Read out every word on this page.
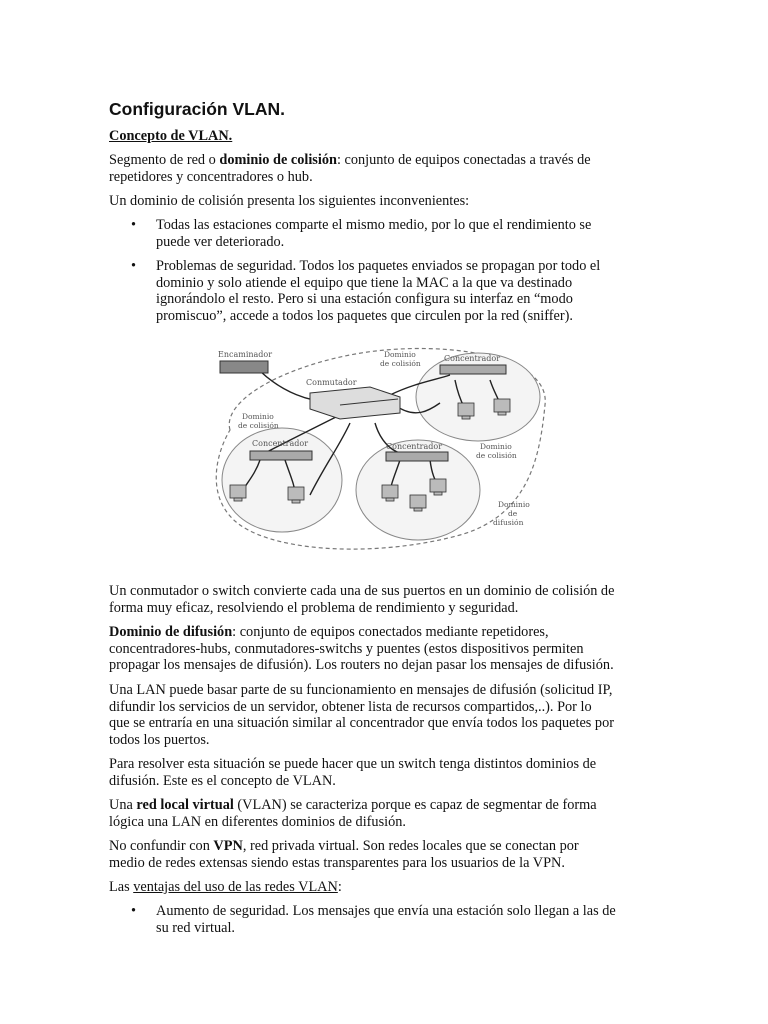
Configuración VLAN.
Concepto de VLAN.
Segmento de red o dominio de colisión: conjunto de equipos conectadas a través de
repetidores y concentradores o hub.
Un dominio de colisión presenta los siguientes inconvenientes:
• Todas las estaciones comparte el mismo medio, por lo que el rendimiento se
puede ver deteriorado.
• Problemas de seguridad. Todos los paquetes enviados se propagan por todo el
dominio y solo atiende el equipo que tiene la MAC a la que va destinado
ignorándolo el resto. Pero si una estación configura su interfaz en “modo
promiscuo”, accede a todos los paquetes que circulen por la red (sniffer).
Encaminador
Conmutador
Concentrador
Concentrador	Concentrador
Dominio
de colisión
Dominio
de colisión
Dominio
de colisión
Dominio
de
difusión
Un conmutador o switch convierte cada una de sus puertos en un dominio de colisión de
forma muy eficaz, resolviendo el problema de rendimiento y seguridad.
Dominio de difusión: conjunto de equipos conectados mediante repetidores,
concentradores-hubs, conmutadores-switchs y puentes (estos dispositivos permiten
propagar los mensajes de difusión). Los routers no dejan pasar los mensajes de difusión.
Una LAN puede basar parte de su funcionamiento en mensajes de difusión (solicitud IP,
difundir los servicios de un servidor, obtener lista de recursos compartidos,..). Por lo
que se entraría en una situación similar al concentrador que envía todos los paquetes por
todos los puertos.
Para resolver esta situación se puede hacer que un switch tenga distintos dominios de
difusión. Este es el concepto de VLAN.
Una red local virtual (VLAN) se caracteriza porque es capaz de segmentar de forma
lógica una LAN en diferentes dominios de difusión.
No confundir con VPN, red privada virtual. Son redes locales que se conectan por
medio de redes extensas siendo estas transparentes para los usuarios de la VPN.
Las ventajas del uso de las redes VLAN:
• Aumento de seguridad. Los mensajes que envía una estación solo llegan a las de
su red virtual.
